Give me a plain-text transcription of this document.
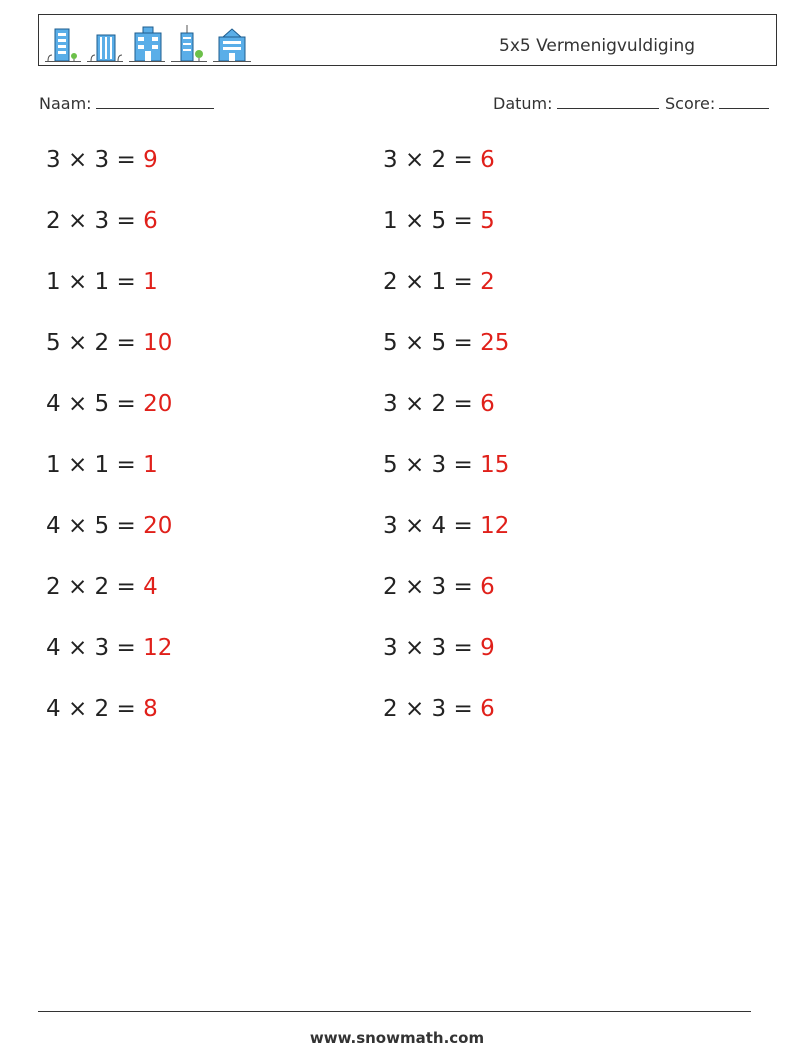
5x5 Vermenigvuldiging
Naam:	Datum:	Score:
3 × 3 = 9
2 × 3 = 6
1 × 1 = 1
5 × 2 = 10
4 × 5 = 20
1 × 1 = 1
4 × 5 = 20
2 × 2 = 4
4 × 3 = 12
4 × 2 = 8
3 × 2 = 6
1 × 5 = 5
2 × 1 = 2
5 × 5 = 25
3 × 2 = 6
5 × 3 = 15
3 × 4 = 12
2 × 3 = 6
3 × 3 = 9
2 × 3 = 6
www.snowmath.com
